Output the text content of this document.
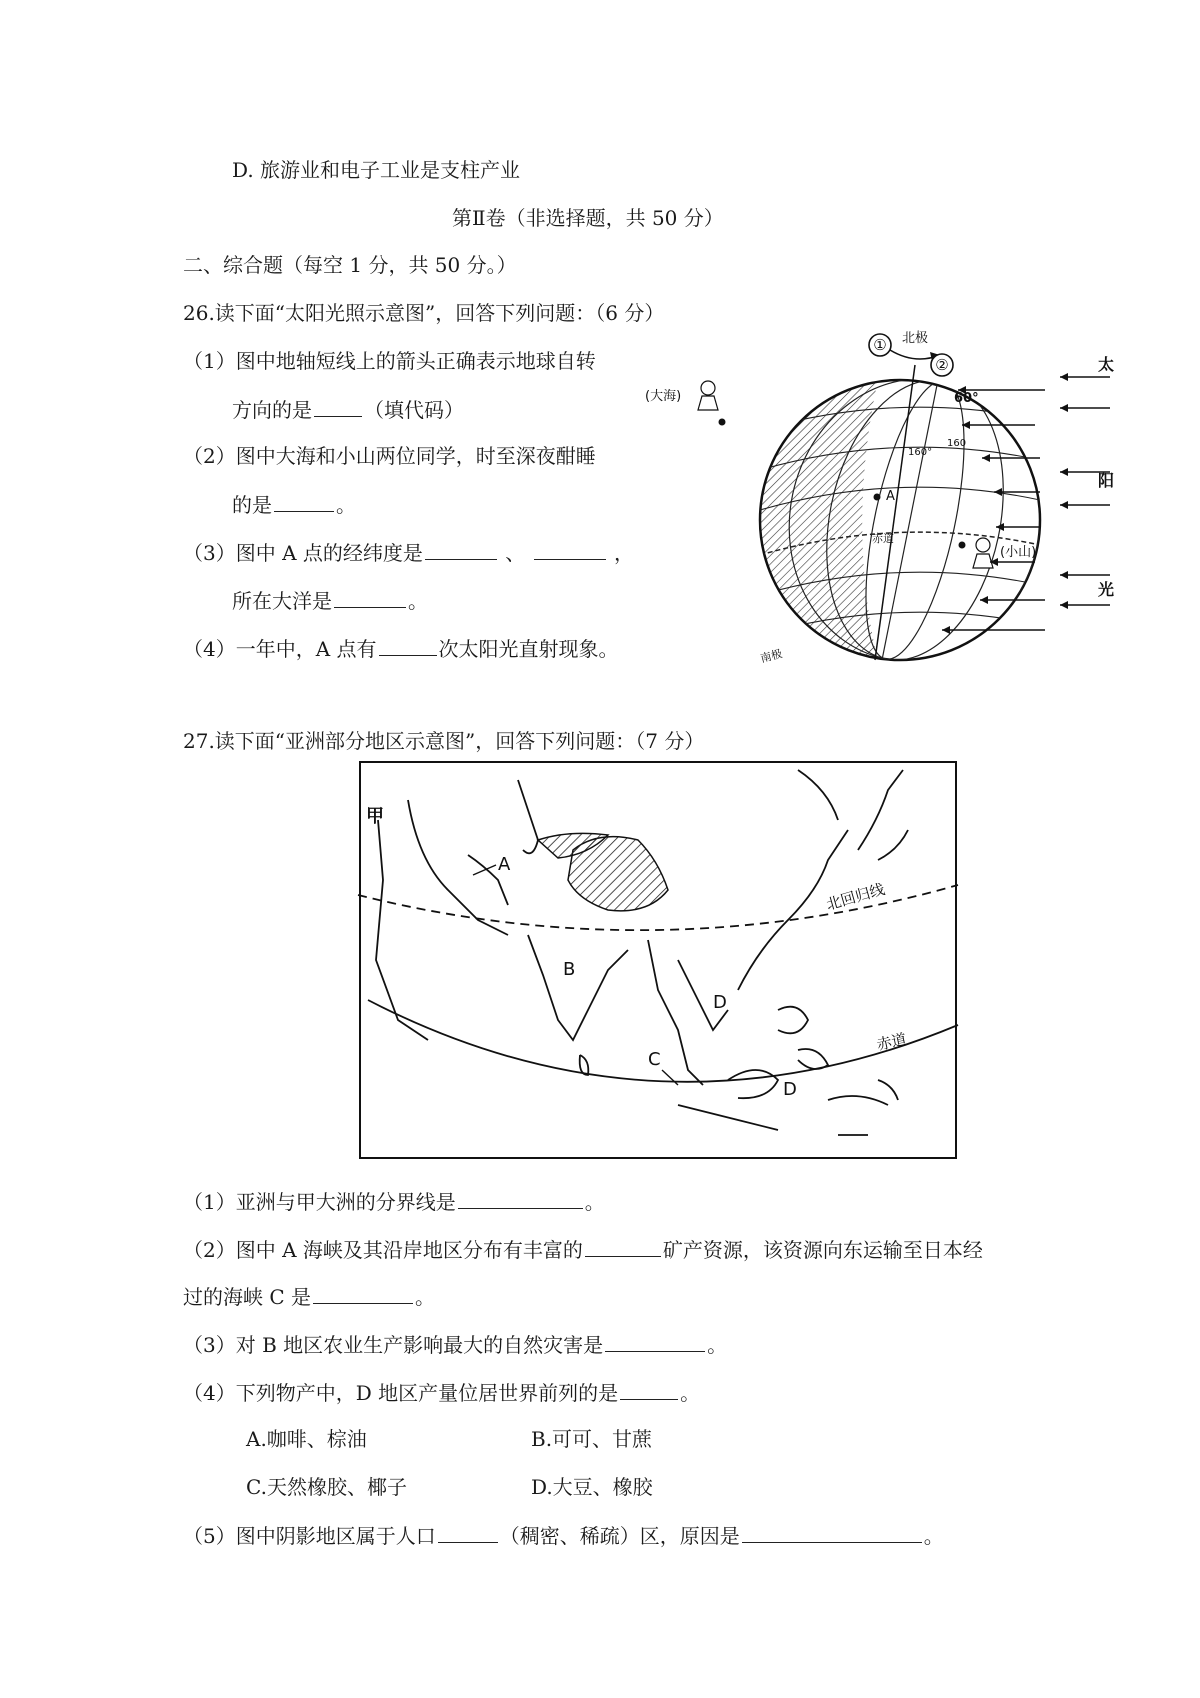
D. 旅游业和电子工业是支柱产业
第Ⅱ卷（非选择题，共 50 分）
二、综合题（每空 1 分，共 50 分。）
26.读下面“太阳光照示意图”，回答下列问题：（6 分）
（1）图中地轴短线上的箭头正确表示地球自转
方向的是	（填代码）
（2）图中大海和小山两位同学，时至深夜酣睡
的是	。
（3）图中 A 点的经纬度是	、	，
所在大洋是	。
（4）一年中，A 点有	次太阳光直射现象。
①
②
北极
60°
160°
160
A
赤道
南极
(大海)
(小山)
太
阳
光
27.读下面“亚洲部分地区示意图”，回答下列问题：（7 分）
北回归线
赤道
甲
A
B
C
D
D
（1）亚洲与甲大洲的分界线是	。
（2）图中 A 海峡及其沿岸地区分布有丰富的	矿产资源，该资源向东运输至日本经
过的海峡 C 是	。
（3）对 B 地区农业生产影响最大的自然灾害是	。
（4）下列物产中，D 地区产量位居世界前列的是	。
A.咖啡、棕油	B.可可、甘蔗
C.天然橡胶、椰子	D.大豆、橡胶
（5）图中阴影地区属于人口	（稠密、稀疏）区，原因是	。
